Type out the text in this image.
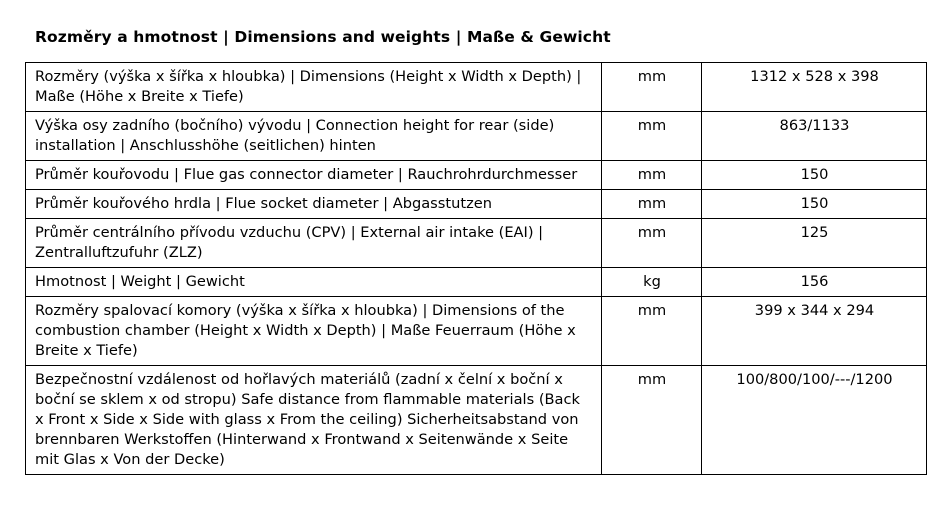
Rozměry a hmotnost | Dimensions and weights | Maße & Gewicht
Rozměry (výška x šířka x hloubka) | Dimensions (Height x Width x Depth) | Maße (Höhe x Breite x Tiefe)	mm	1312 x 528 x 398
Výška osy zadního (bočního) vývodu | Connection height for rear (side) installation | Anschlusshöhe (seitlichen) hinten	mm	863/1133
Průměr kouřovodu | Flue gas connector diameter | Rauchrohrdurchmesser	mm	150
Průměr kouřového hrdla | Flue socket diameter | Abgasstutzen	mm	150
Průměr centrálního přívodu vzduchu (CPV) | External air intake (EAI) | Zentralluftzufuhr (ZLZ)	mm	125
Hmotnost | Weight | Gewicht	kg	156
Rozměry spalovací komory (výška x šířka x hloubka) | Dimensions of the combustion chamber (Height x Width x Depth) | Maße Feuerraum (Höhe x Breite x Tiefe)	mm	399 x 344 x 294
Bezpečnostní vzdálenost od hořlavých materiálů (zadní x čelní x boční x boční se sklem x od stropu) Safe distance from flammable materials (Back x Front x Side x Side with glass x From the ceiling) Sicherheitsabstand von brennbaren Werkstoffen (Hinterwand x Frontwand x Seitenwände x Seite mit Glas x Von der Decke)	mm	100/800/100/---/1200
